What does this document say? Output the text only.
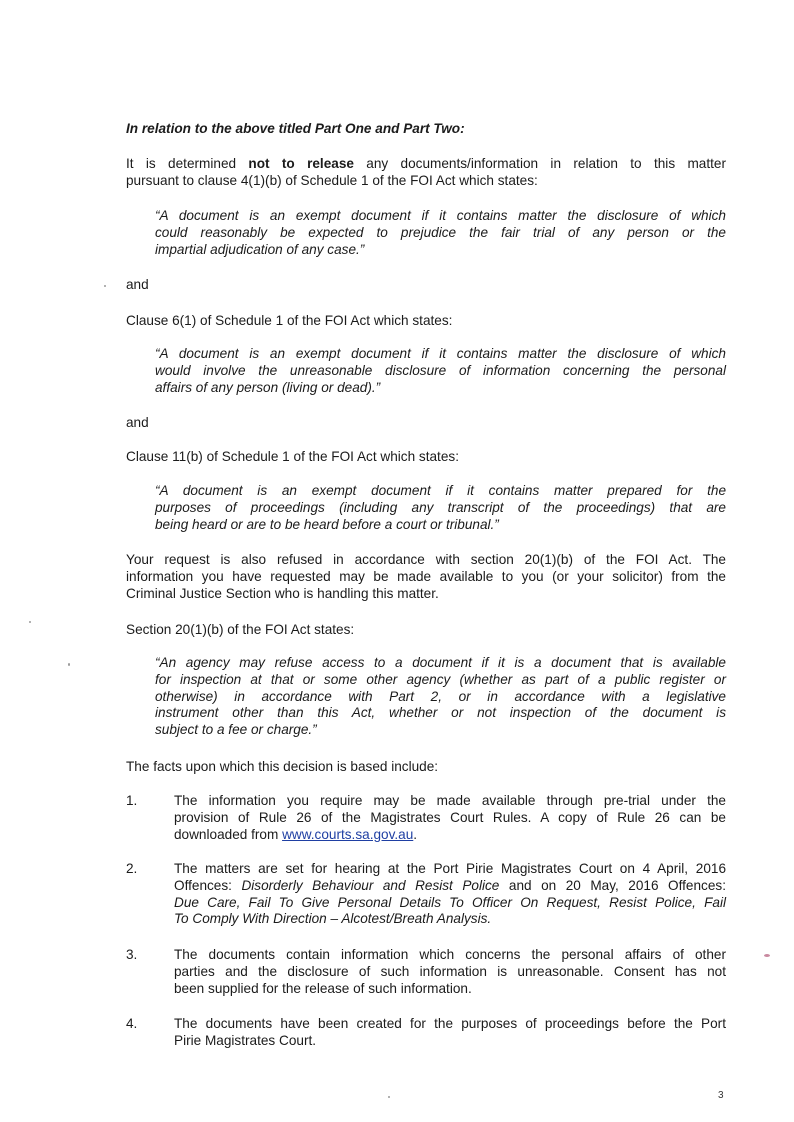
In relation to the above titled Part One and Part Two:
It is determined not to release any documents/information in relation to this matter
pursuant to clause 4(1)(b) of Schedule 1 of the FOI Act which states:
“A document is an exempt document if it contains matter the disclosure of which
could reasonably be expected to prejudice the fair trial of any person or the
impartial adjudication of any case.”
and
Clause 6(1) of Schedule 1 of the FOI Act which states:
“A document is an exempt document if it contains matter the disclosure of which
would involve the unreasonable disclosure of information concerning the personal
affairs of any person (living or dead).”
and
Clause 11(b) of Schedule 1 of the FOI Act which states:
“A document is an exempt document if it contains matter prepared for the
purposes of proceedings (including any transcript of the proceedings) that are
being heard or are to be heard before a court or tribunal.”
Your request is also refused in accordance with section 20(1)(b) of the FOI Act. The
information you have requested may be made available to you (or your solicitor) from the
Criminal Justice Section who is handling this matter.
Section 20(1)(b) of the FOI Act states:
“An agency may refuse access to a document if it is a document that is available
for inspection at that or some other agency (whether as part of a public register or
otherwise) in accordance with Part 2, or in accordance with a legislative
instrument other than this Act, whether or not inspection of the document is
subject to a fee or charge.”
The facts upon which this decision is based include:
1.	The information you require may be made available through pre-trial under the
provision of Rule 26 of the Magistrates Court Rules. A copy of Rule 26 can be
downloaded from www.courts.sa.gov.au.
2.	The matters are set for hearing at the Port Pirie Magistrates Court on 4 April, 2016
Offences: Disorderly Behaviour and Resist Police and on 20 May, 2016 Offences:
Due Care, Fail To Give Personal Details To Officer On Request, Resist Police, Fail
To Comply With Direction – Alcotest/Breath Analysis.
3.	The documents contain information which concerns the personal affairs of other
parties and the disclosure of such information is unreasonable. Consent has not
been supplied for the release of such information.
4.	The documents have been created for the purposes of proceedings before the Port
Pirie Magistrates Court.
3
